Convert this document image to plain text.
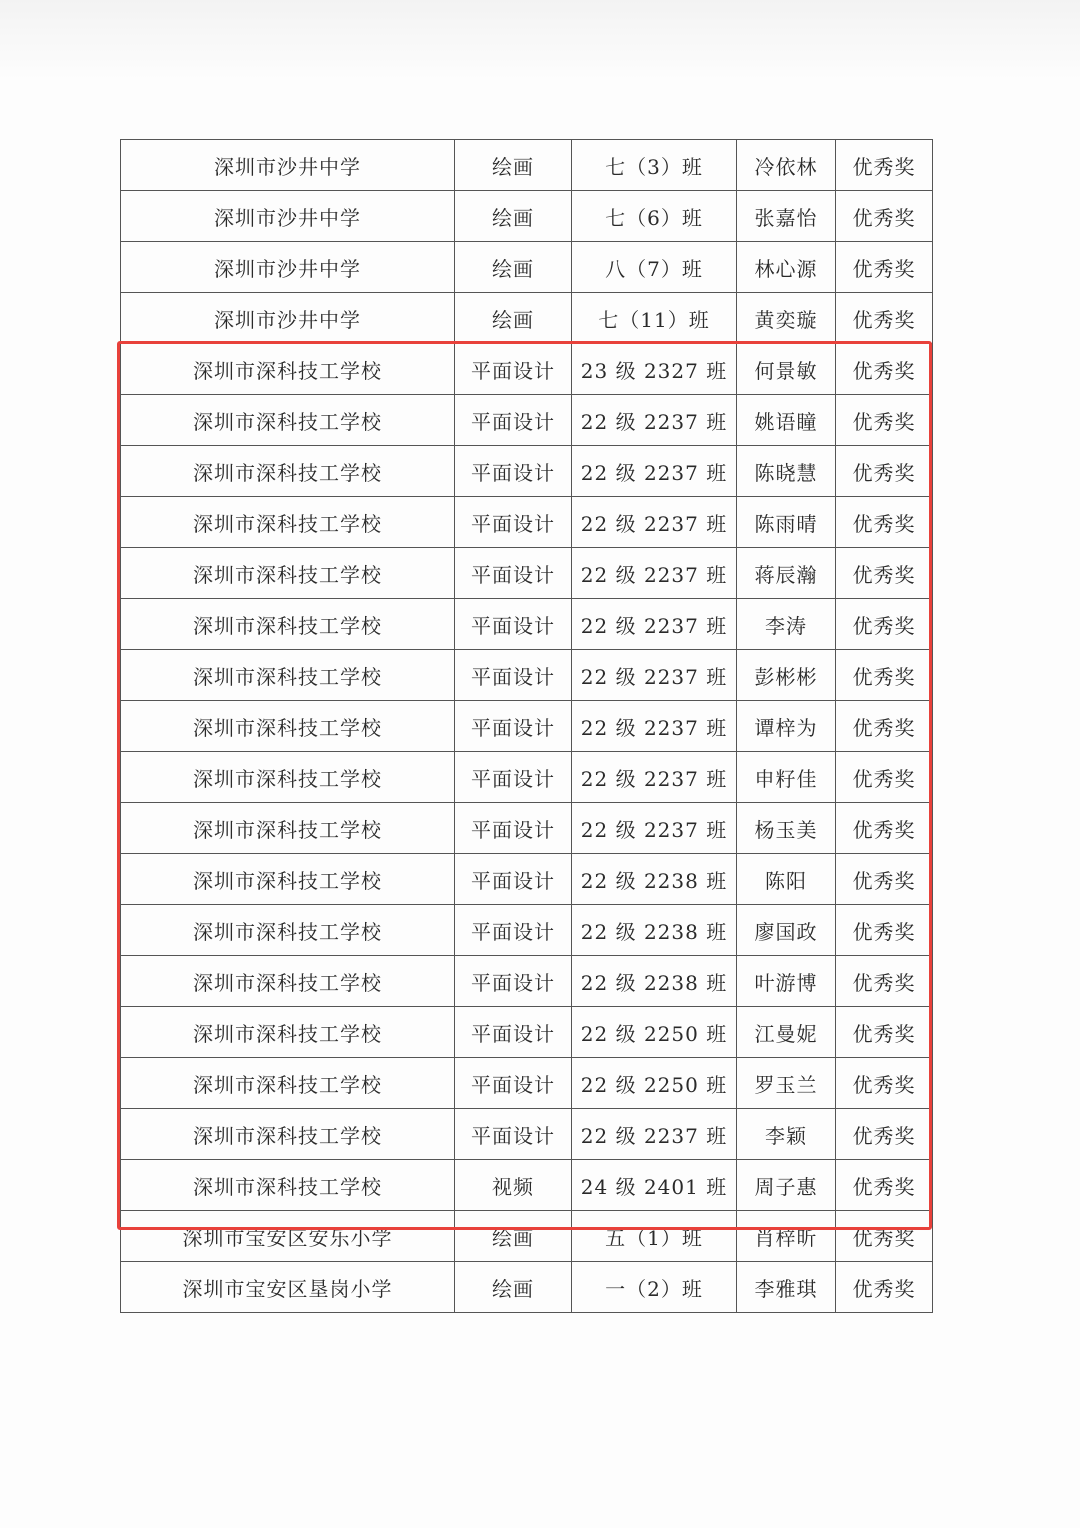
深圳市沙井中学	绘画	七（3）班	冷依林	优秀奖
深圳市沙井中学	绘画	七（6）班	张嘉怡	优秀奖
深圳市沙井中学	绘画	八（7）班	林心源	优秀奖
深圳市沙井中学	绘画	七（11）班	黄奕璇	优秀奖
深圳市深科技工学校	平面设计	23 级 2327 班	何景敏	优秀奖
深圳市深科技工学校	平面设计	22 级 2237 班	姚语瞳	优秀奖
深圳市深科技工学校	平面设计	22 级 2237 班	陈晓慧	优秀奖
深圳市深科技工学校	平面设计	22 级 2237 班	陈雨晴	优秀奖
深圳市深科技工学校	平面设计	22 级 2237 班	蒋辰瀚	优秀奖
深圳市深科技工学校	平面设计	22 级 2237 班	李涛	优秀奖
深圳市深科技工学校	平面设计	22 级 2237 班	彭彬彬	优秀奖
深圳市深科技工学校	平面设计	22 级 2237 班	谭梓为	优秀奖
深圳市深科技工学校	平面设计	22 级 2237 班	申籽佳	优秀奖
深圳市深科技工学校	平面设计	22 级 2237 班	杨玉美	优秀奖
深圳市深科技工学校	平面设计	22 级 2238 班	陈阳	优秀奖
深圳市深科技工学校	平面设计	22 级 2238 班	廖国政	优秀奖
深圳市深科技工学校	平面设计	22 级 2238 班	叶游博	优秀奖
深圳市深科技工学校	平面设计	22 级 2250 班	江曼妮	优秀奖
深圳市深科技工学校	平面设计	22 级 2250 班	罗玉兰	优秀奖
深圳市深科技工学校	平面设计	22 级 2237 班	李颖	优秀奖
深圳市深科技工学校	视频	24 级 2401 班	周子惠	优秀奖
深圳市宝安区安乐小学	绘画	五（1）班	肖梓昕	优秀奖
深圳市宝安区垦岗小学	绘画	一（2）班	李雅琪	优秀奖
